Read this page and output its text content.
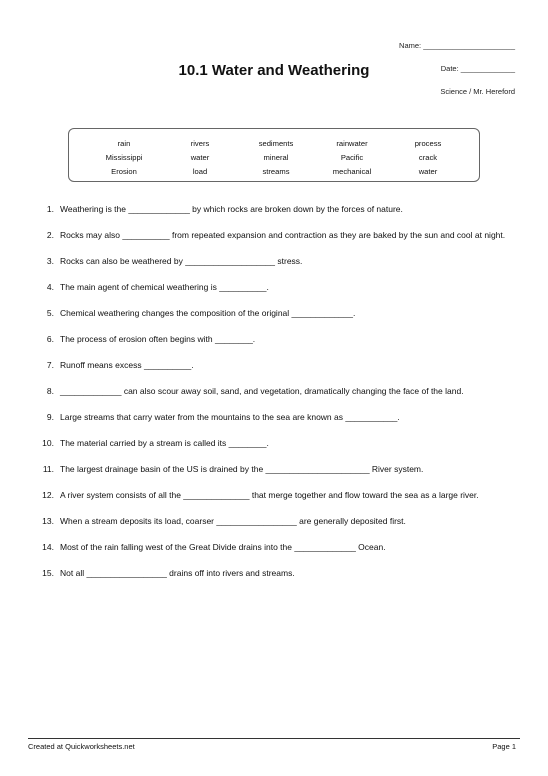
Name: ______________________
10.1 Water and Weathering	Date: _____________
Science / Mr. Hereford
rain	rivers	sediments	rainwater	process
Mississippi	water	mineral	Pacific	crack
Erosion	load	streams	mechanical	water
1. Weathering is the _____________ by which rocks are broken down by the forces of nature.
2. Rocks may also __________ from repeated expansion and contraction as they are baked by the sun and cool at night.
3. Rocks can also be weathered by ___________________ stress.
4. The main agent of chemical weathering is __________.
5. Chemical weathering changes the composition of the original _____________.
6. The process of erosion often begins with ________.
7. Runoff means excess __________.
8. _____________ can also scour away soil, sand, and vegetation, dramatically changing the face of the land.
9. Large streams that carry water from the mountains to the sea are known as ___________.
10. The material carried by a stream is called its ________.
11. The largest drainage basin of the US is drained by the ______________________ River system.
12. A river system consists of all the ______________ that merge together and flow toward the sea as a large river.
13. When a stream deposits its load, coarser _________________ are generally deposited first.
14. Most of the rain falling west of the Great Divide drains into the _____________ Ocean.
15. Not all _________________ drains off into rivers and streams.
Created at Quickworksheets.net	Page 1
